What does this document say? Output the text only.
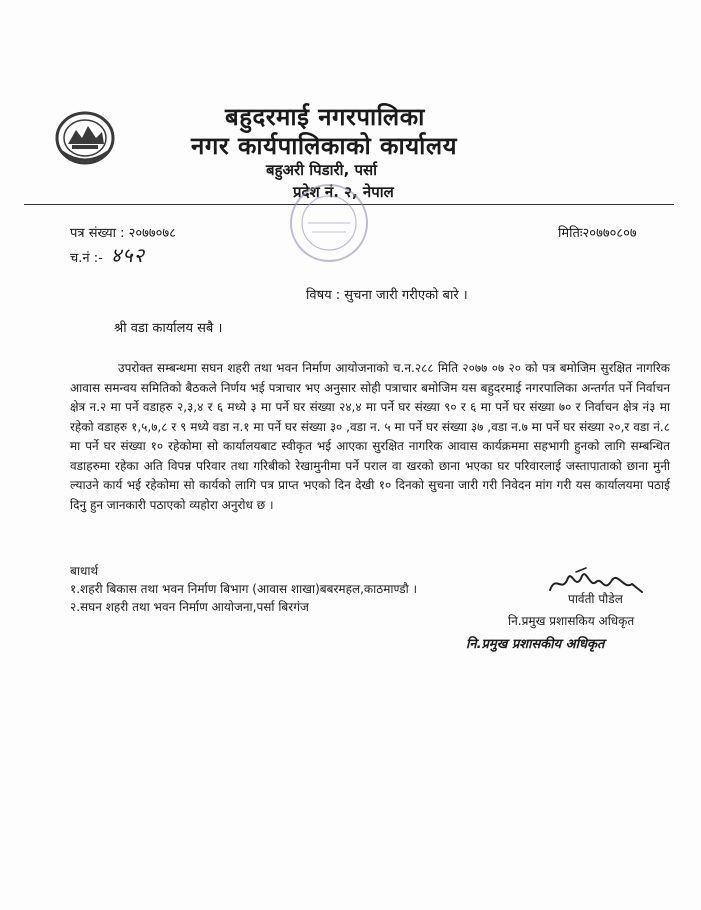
बहुदरमाई नगरपालिका
नगर कार्यपालिकाको कार्यालय
बहुअरी पिडारी, पर्सा
प्रदेश नं. २, नेपाल
पत्र संख्या : २०७७०७८
च.नं :- ४५२
मितिः२०७७०८०७
विषय : सुचना जारी गरीएको बारे ।
श्री वडा कार्यालय सबै ।
उपरोक्त सम्बन्धमा सघन शहरी तथा भवन निर्माण आयोजनाको च.न.२८८ मिति २०७७ ०७ २० को पत्र बमोजिम सुरक्षित नागरिक आवास समन्वय समितिको बैठकले निर्णय भई पत्राचार भए अनुसार सोही पत्राचार बमोजिम यस बहुदरमाई नगरपालिका अन्तर्गत पर्ने निर्वाचन क्षेत्र न.२ मा पर्ने वडाहरु २,३,४ र ६ मध्ये ३ मा पर्ने घर संख्या २४,४ मा पर्ने घर संख्या ९० र ६ मा पर्ने घर संख्या ७० र निर्वाचन क्षेत्र नं३ मा रहेको वडाहरु १,५,७,८ र ९ मध्ये वडा न.१ मा पर्ने घर संख्या ३० ,वडा न. ५ मा पर्ने घर संख्या ३७ ,वडा न.७ मा पर्ने घर संख्या २०,र वडा नं.८ मा पर्ने घर संख्या १० रहेकोमा सो कार्यालयबाट स्वीकृत भई आएका सुरक्षित नागरिक आवास कार्यक्रममा सहभागी हुनको लागि सम्बन्धित वडाहरुमा रहेका अति विपन्न परिवार तथा गरिबीको रेखामुनीमा पर्ने पराल वा खरको छाना भएका घर परिवारलाई जस्तापाताको छाना मुनी ल्याउने कार्य भई रहेकोमा सो कार्यको लागि पत्र प्राप्त भएको दिन देखी १० दिनको सुचना जारी गरी निवेदन मांग गरी यस कार्यालयमा पठाई दिनु हुन जानकारी पठाएको व्यहोरा अनुरोध छ ।
बाधार्थ
१.शहरी बिकास तथा भवन निर्माण बिभाग (आवास शाखा)बबरमहल,काठमाण्डौ ।
२.सघन शहरी तथा भवन निर्माण आयोजना,पर्सा बिरगंज
पार्वती पौडेल
नि.प्रमुख प्रशासकिय अधिकृत
नि.प्रमुख प्रशासकीय अधिकृत
